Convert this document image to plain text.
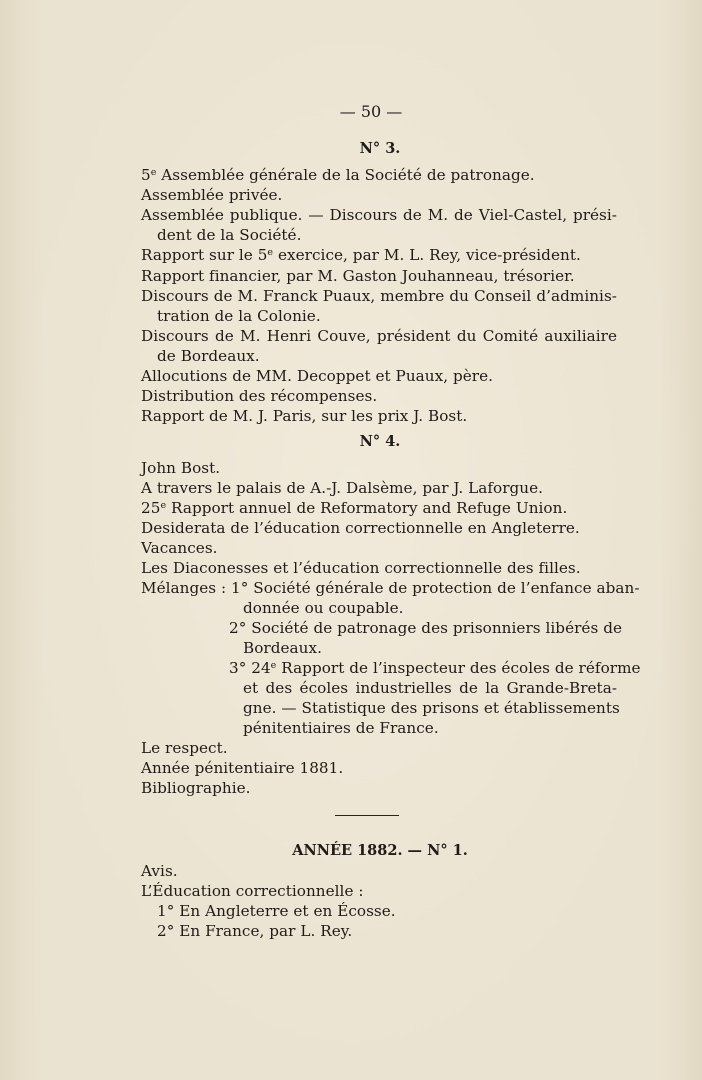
— 50 —
N° 3.
5e Assemblée générale de la Société de patronage.
Assemblée privée.
Assemblée publique. — Discours de M. de Viel-Castel, prési-
dent de la Société.
Rapport sur le 5e exercice, par M. L. Rey, vice-président.
Rapport financier, par M. Gaston Jouhanneau, trésorier.
Discours de M. Franck Puaux, membre du Conseil d’adminis-
tration de la Colonie.
Discours de M. Henri Couve, président du Comité auxiliaire
de Bordeaux.
Allocutions de MM. Decoppet et Puaux, père.
Distribution des récompenses.
Rapport de M. J. Paris, sur les prix J. Bost.
N° 4.
John Bost.
A travers le palais de A.-J. Dalsème, par J. Laforgue.
25e Rapport annuel de Reformatory and Refuge Union.
Desiderata de l’éducation correctionnelle en Angleterre.
Vacances.
Les Diaconesses et l’éducation correctionnelle des filles.
Mélanges : 1° Société générale de protection de l’enfance aban-
donnée ou coupable.
2° Société de patronage des prisonniers libérés de
Bordeaux.
3° 24e Rapport de l’inspecteur des écoles de réforme
et des écoles industrielles de la Grande-Breta-
gne. — Statistique des prisons et établissements
pénitentiaires de France.
Le respect.
Année pénitentiaire 1881.
Bibliographie.
ANNÉE 1882. — N° 1.
Avis.
L’Éducation correctionnelle :
1° En Angleterre et en Écosse.
2° En France, par L. Rey.
